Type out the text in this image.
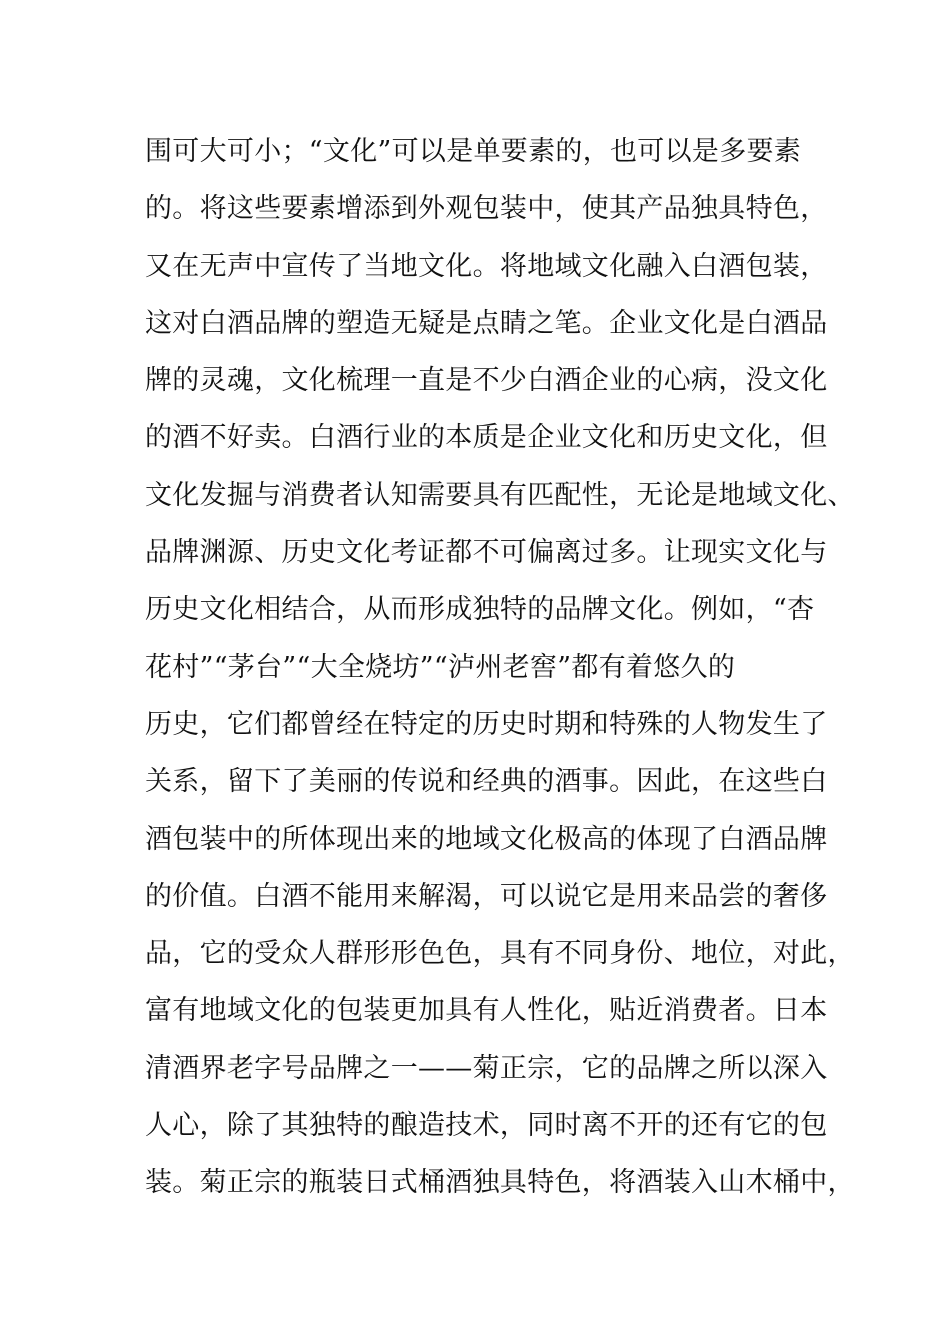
围可大可小；“文化”可以是单要素的，也可以是多要素
的。将这些要素增添到外观包装中，使其产品独具特色，
又在无声中宣传了当地文化。将地域文化融入白酒包装，
这对白酒品牌的塑造无疑是点睛之笔。企业文化是白酒品
牌的灵魂，文化梳理一直是不少白酒企业的心病，没文化
的酒不好卖。白酒行业的本质是企业文化和历史文化，但
文化发掘与消费者认知需要具有匹配性，无论是地域文化、
品牌渊源、历史文化考证都不可偏离过多。让现实文化与
历史文化相结合，从而形成独特的品牌文化。例如，“杏
花村”“茅台”“大全烧坊”“泸州老窖”都有着悠久的
历史，它们都曾经在特定的历史时期和特殊的人物发生了
关系，留下了美丽的传说和经典的酒事。因此，在这些白
酒包装中的所体现出来的地域文化极高的体现了白酒品牌
的价值。白酒不能用来解渴，可以说它是用来品尝的奢侈
品，它的受众人群形形色色，具有不同身份、地位，对此，
富有地域文化的包装更加具有人性化，贴近消费者。日本
清酒界老字号品牌之一——菊正宗，它的品牌之所以深入
人心，除了其独特的酿造技术，同时离不开的还有它的包
装。菊正宗的瓶装日式桶酒独具特色，将酒装入山木桶中，
